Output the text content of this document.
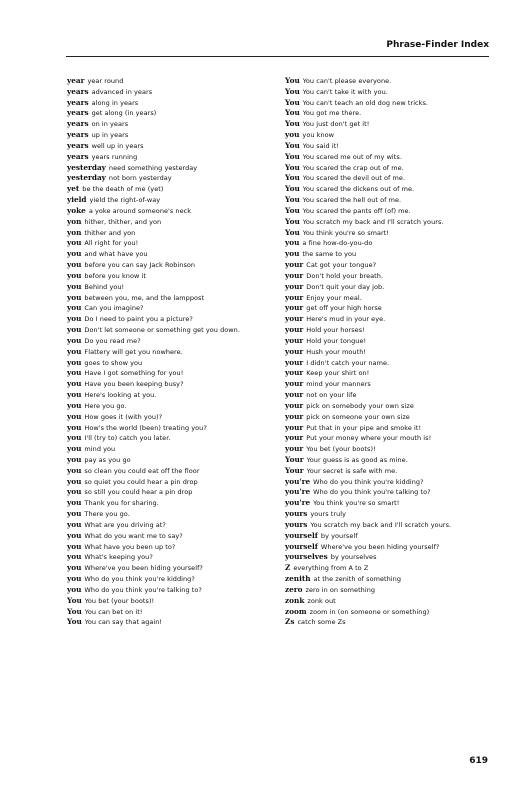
Phrase-Finder Index
year year round
years advanced in years
years along in years
years get along (in years)
years on in years
years up in years
years well up in years
years years running
yesterday need something yesterday
yesterday not born yesterday
yet be the death of me (yet)
yield yield the right-of-way
yoke a yoke around someone's neck
yon hither, thither, and yon
yon thither and yon
you All right for you!
you and what have you
you before you can say Jack Robinson
you before you know it
you Behind you!
you between you, me, and the lamppost
you Can you imagine?
you Do I need to paint you a picture?
you Don't let someone or something get you down.
you Do you read me?
you Flattery will get you nowhere.
you goes to show you
you Have I got something for you!
you Have you been keeping busy?
you Here's looking at you.
you Here you go.
you How goes it (with you)?
you How's the world (been) treating you?
you I'll (try to) catch you later.
you mind you
you pay as you go
you so clean you could eat off the floor
you so quiet you could hear a pin drop
you so still you could hear a pin drop
you Thank you for sharing.
you There you go.
you What are you driving at?
you What do you want me to say?
you What have you been up to?
you What's keeping you?
you Where've you been hiding yourself?
you Who do you think you're kidding?
you Who do you think you're talking to?
You You bet (your boots)!
You You can bet on it!
You You can say that again!
You You can't please everyone.
You You can't take it with you.
You You can't teach an old dog new tricks.
You You got me there.
You You just don't get it!
you you know
You You said it!
You You scared me out of my wits.
You You scared the crap out of me.
You You scared the devil out of me.
You You scared the dickens out of me.
You You scared the hell out of me.
You You scared the pants off (of) me.
You You scratch my back and I'll scratch yours.
You You think you're so smart!
you a fine how-do-you-do
you the same to you
your Cat got your tongue?
your Don't hold your breath.
your Don't quit your day job.
your Enjoy your meal.
your get off your high horse
your Here's mud in your eye.
your Hold your horses!
your Hold your tongue!
your Hush your mouth!
your I didn't catch your name.
your Keep your shirt on!
your mind your manners
your not on your life
your pick on somebody your own size
your pick on someone your own size
your Put that in your pipe and smoke it!
your Put your money where your mouth is!
your You bet (your boots)!
Your Your guess is as good as mine.
Your Your secret is safe with me.
you're Who do you think you're kidding?
you're Who do you think you're talking to?
you're You think you're so smart!
yours yours truly
yours You scratch my back and I'll scratch yours.
yourself by yourself
yourself Where've you been hiding yourself?
yourselves by yourselves
Z everything from A to Z
zenith at the zenith of something
zero zero in on something
zonk zonk out
zoom zoom in (on someone or something)
Zs catch some Zs
619
